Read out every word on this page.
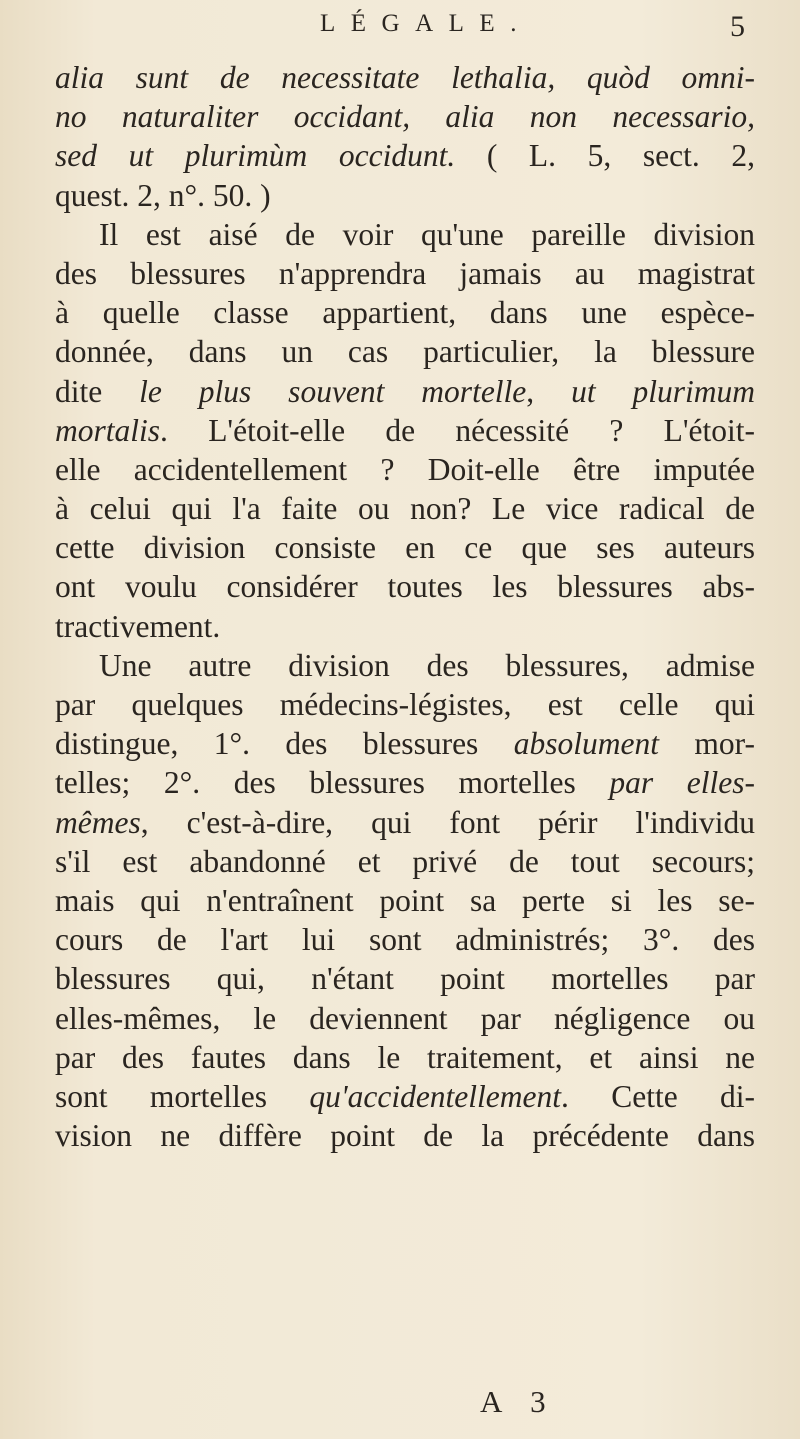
LÉGALE.	5
alia sunt de necessitate lethalia, quòd omni-
no naturaliter occidant, alia non necessario,
sed ut plurimùm occidunt. ( L. 5, sect. 2,
quest. 2, n°. 50. )
Il est aisé de voir qu'une pareille division
des blessures n'apprendra jamais au magistrat
à quelle classe appartient, dans une espèce-
donnée, dans un cas particulier, la blessure
dite le plus souvent mortelle, ut plurimum
mortalis. L'étoit-elle de nécessité ? L'étoit-
elle accidentellement ? Doit-elle être imputée
à celui qui l'a faite ou non? Le vice radical de
cette division consiste en ce que ses auteurs
ont voulu considérer toutes les blessures abs-
tractivement.
Une autre division des blessures, admise
par quelques médecins-légistes, est celle qui
distingue, 1°. des blessures absolument mor-
telles; 2°. des blessures mortelles par elles-
mêmes, c'est-à-dire, qui font périr l'individu
s'il est abandonné et privé de tout secours;
mais qui n'entraînent point sa perte si les se-
cours de l'art lui sont administrés; 3°. des
blessures qui, n'étant point mortelles par
elles-mêmes, le deviennent par négligence ou
par des fautes dans le traitement, et ainsi ne
sont mortelles qu'accidentellement. Cette di-
vision ne diffère point de la précédente dans
A 3
